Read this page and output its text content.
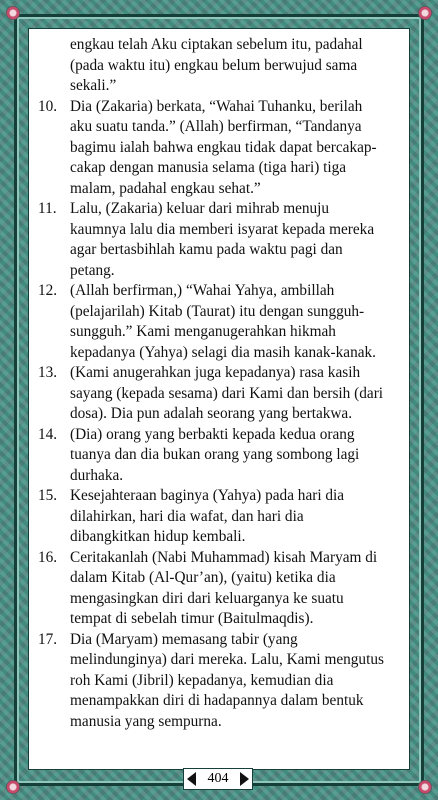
engkau telah Aku ciptakan sebelum itu, padahal

(pada waktu itu) engkau belum berwujud sama

sekali.”

10. Dia (Zakaria) berkata, “Wahai Tuhanku, berilah

aku suatu tanda.” (Allah) berfirman, “Tandanya

bagimu ialah bahwa engkau tidak dapat bercakap-

cakap dengan manusia selama (tiga hari) tiga

malam, padahal engkau sehat.”

11. Lalu, (Zakaria) keluar dari mihrab menuju

kaumnya lalu dia memberi isyarat kepada mereka

agar bertasbihlah kamu pada waktu pagi dan

petang.

12. (Allah berfirman,) “Wahai Yahya, ambillah

(pelajarilah) Kitab (Taurat) itu dengan sungguh-

sungguh.” Kami menganugerahkan hikmah

kepadanya (Yahya) selagi dia masih kanak-kanak.

13. (Kami anugerahkan juga kepadanya) rasa kasih

sayang (kepada sesama) dari Kami dan bersih (dari

dosa). Dia pun adalah seorang yang bertakwa.

14. (Dia) orang yang berbakti kepada kedua orang

tuanya dan dia bukan orang yang sombong lagi

durhaka.

15. Kesejahteraan baginya (Yahya) pada hari dia

dilahirkan, hari dia wafat, dan hari dia

dibangkitkan hidup kembali.

16. Ceritakanlah (Nabi Muhammad) kisah Maryam di

dalam Kitab (Al-Qur’an), (yaitu) ketika dia

mengasingkan diri dari keluarganya ke suatu

tempat di sebelah timur (Baitulmaqdis).

17. Dia (Maryam) memasang tabir (yang

melindunginya) dari mereka. Lalu, Kami mengutus

roh Kami (Jibril) kepadanya, kemudian dia

menampakkan diri di hadapannya dalam bentuk

manusia yang sempurna.

404
